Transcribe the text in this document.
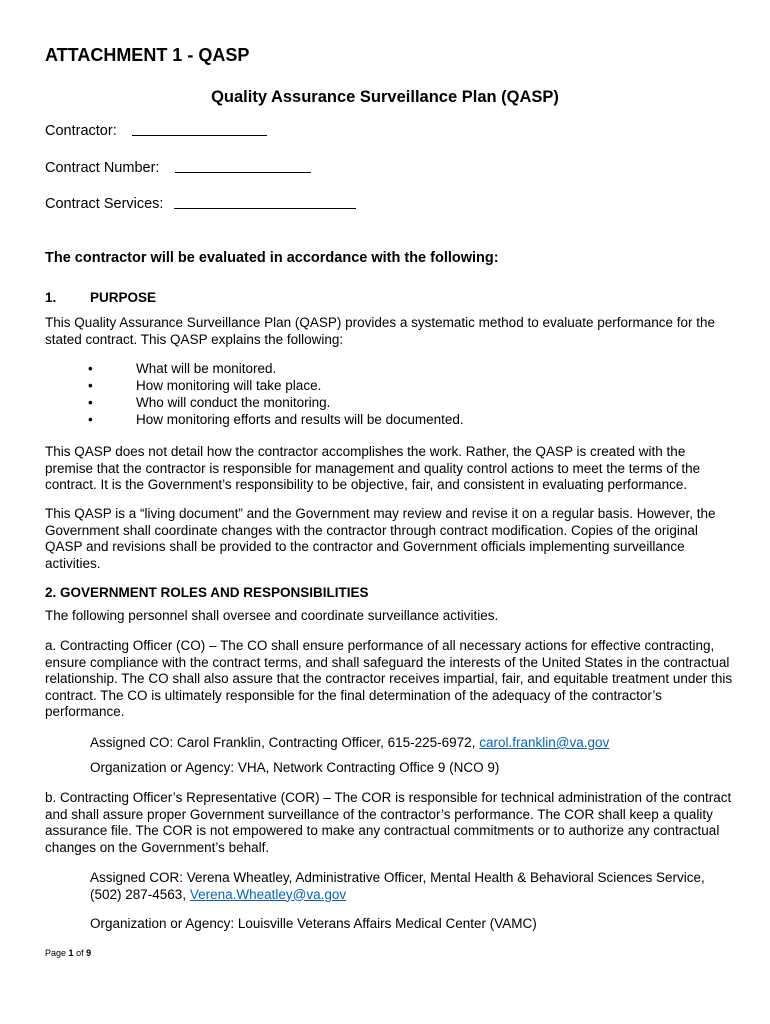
ATTACHMENT 1 - QASP
Quality Assurance Surveillance Plan (QASP)
Contractor:
Contract Number:
Contract Services:
The contractor will be evaluated in accordance with the following:
1. PURPOSE
This Quality Assurance Surveillance Plan (QASP) provides a systematic method to evaluate performance for the stated contract. This QASP explains the following:
•	What will be monitored.
•	How monitoring will take place.
•	Who will conduct the monitoring.
•	How monitoring efforts and results will be documented.
This QASP does not detail how the contractor accomplishes the work. Rather, the QASP is created with the premise that the contractor is responsible for management and quality control actions to meet the terms of the contract. It is the Government’s responsibility to be objective, fair, and consistent in evaluating performance.
This QASP is a “living document” and the Government may review and revise it on a regular basis. However, the Government shall coordinate changes with the contractor through contract modification. Copies of the original QASP and revisions shall be provided to the contractor and Government officials implementing surveillance activities.
2. GOVERNMENT ROLES AND RESPONSIBILITIES
The following personnel shall oversee and coordinate surveillance activities.
a. Contracting Officer (CO) – The CO shall ensure performance of all necessary actions for effective contracting, ensure compliance with the contract terms, and shall safeguard the interests of the United States in the contractual relationship. The CO shall also assure that the contractor receives impartial, fair, and equitable treatment under this contract. The CO is ultimately responsible for the final determination of the adequacy of the contractor’s performance.
Assigned CO: Carol Franklin, Contracting Officer, 615-225-6972, carol.franklin@va.gov
Organization or Agency: VHA, Network Contracting Office 9 (NCO 9)
b. Contracting Officer’s Representative (COR) – The COR is responsible for technical administration of the contract and shall assure proper Government surveillance of the contractor’s performance. The COR shall keep a quality assurance file. The COR is not empowered to make any contractual commitments or to authorize any contractual changes on the Government’s behalf.
Assigned COR: Verena Wheatley, Administrative Officer, Mental Health & Behavioral Sciences Service, (502) 287-4563, Verena.Wheatley@va.gov
Organization or Agency: Louisville Veterans Affairs Medical Center (VAMC)
Page 1 of 9
